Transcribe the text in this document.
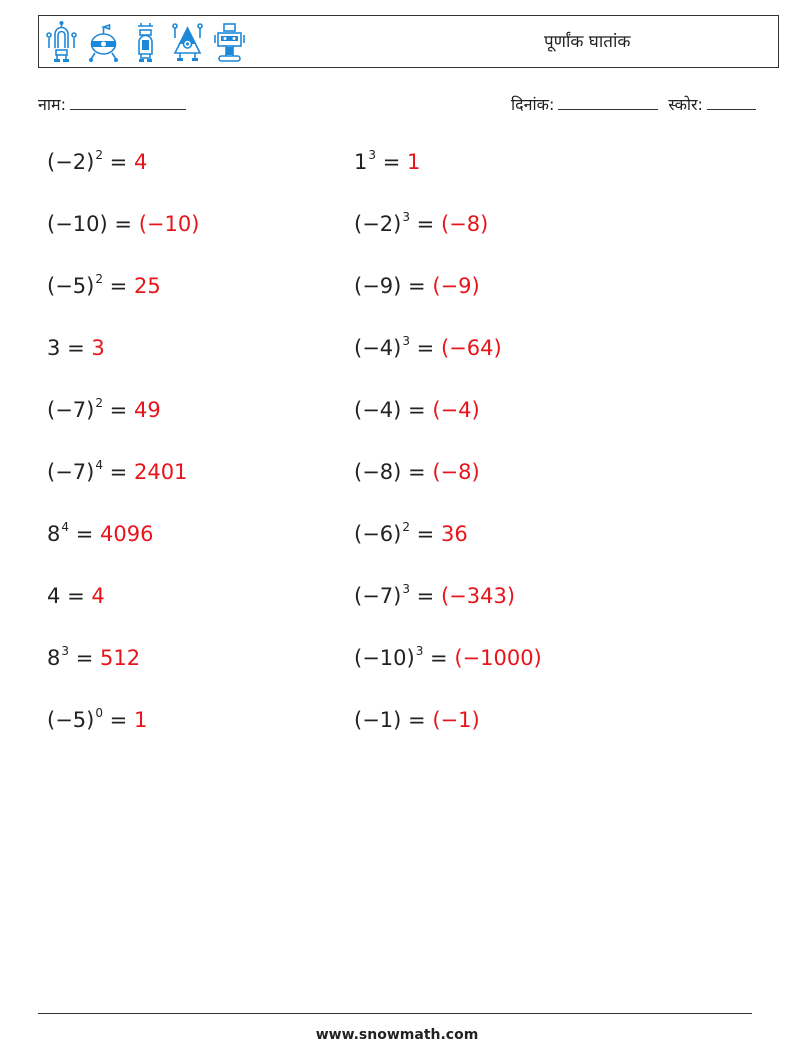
पूर्णांक घातांक
नाम:	दिनांक:	स्कोर:
$(-2)^2 = 4$
(−10) = (−10)
$(-5)^2 = 25$
3 = 3
$(-7)^2 = 49$
$(-7)^4 = 2401$
$8^4 = 4096$
4 = 4
$8^3 = 512$
$(-5)^0 = 1$
$1^3 = 1$
$(-2)^3 = (-8)$
(−9) = (−9)
$(-4)^3 = (-64)$
(−4) = (−4)
(−8) = (−8)
$(-6)^2 = 36$
$(-7)^3 = (-343)$
$(-10)^3 = (-1000)$
(−1) = (−1)
www.snowmath.com
